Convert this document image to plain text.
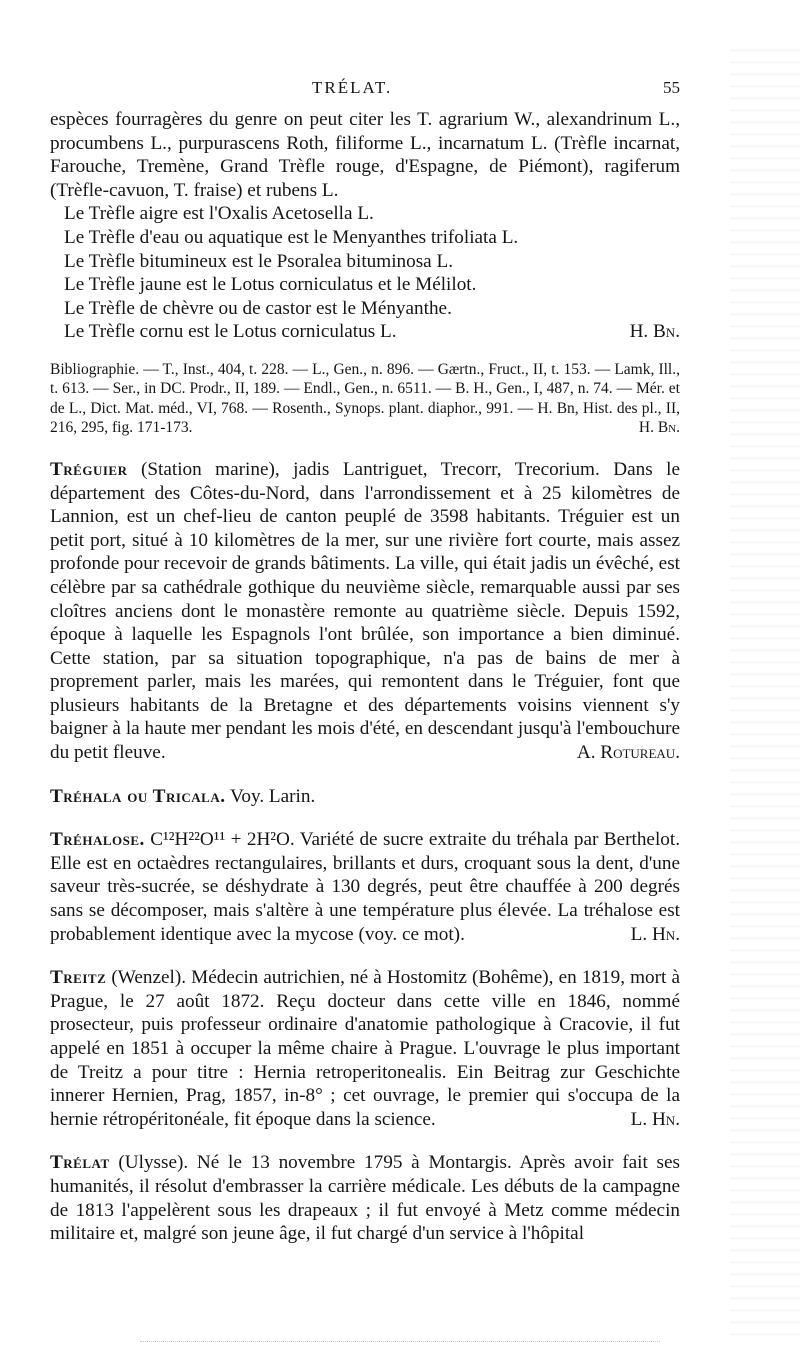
TRÉLAT.	55

espèces fourragères du genre on peut citer les T. agrarium W., alexandrinum L., procumbens L., purpurascens Roth, filiforme L., incarnatum L. (Trèfle incarnat, Farouche, Tremène, Grand Trèfle rouge, d'Espagne, de Piémont), ragiferum (Trèfle-cavuon, T. fraise) et rubens L.

Le Trèfle aigre est l'Oxalis Acetosella L.

Le Trèfle d'eau ou aquatique est le Menyanthes trifoliata L.

Le Trèfle bitumineux est le Psoralea bituminosa L.

Le Trèfle jaune est le Lotus corniculatus et le Mélilot.

Le Trèfle de chèvre ou de castor est le Ményanthe.

Le Trèfle cornu est le Lotus corniculatus L.	H. Bn.

Bibliographie. — T., Inst., 404, t. 228. — L., Gen., n. 896. — Gærtn., Fruct., II, t. 153. — Lamk, Ill., t. 613. — Ser., in DC. Prodr., II, 189. — Endl., Gen., n. 6511. — B. H., Gen., I, 487, n. 74. — Mér. et de L., Dict. Mat. méd., VI, 768. — Rosenth., Synops. plant. diaphor., 991. — H. Bn, Hist. des pl., II, 216, 295, fig. 171-173.	H. Bn.

Tréguier (Station marine), jadis Lantriguet, Trecorr, Trecorium. Dans le département des Côtes-du-Nord, dans l'arrondissement et à 25 kilomètres de Lannion, est un chef-lieu de canton peuplé de 3598 habitants. Tréguier est un petit port, situé à 10 kilomètres de la mer, sur une rivière fort courte, mais assez profonde pour recevoir de grands bâtiments. La ville, qui était jadis un évêché, est célèbre par sa cathédrale gothique du neuvième siècle, remarquable aussi par ses cloîtres anciens dont le monastère remonte au quatrième siècle. Depuis 1592, époque à laquelle les Espagnols l'ont brûlée, son importance a bien diminué. Cette station, par sa situation topographique, n'a pas de bains de mer à proprement parler, mais les marées, qui remontent dans le Tréguier, font que plusieurs habitants de la Bretagne et des départements voisins viennent s'y baigner à la haute mer pendant les mois d'été, en descendant jusqu'à l'embouchure du petit fleuve.	A. Rotureau.

Tréhala ou Tricala. Voy. Larin.

Tréhalose. C¹²H²²O¹¹ + 2H²O. Variété de sucre extraite du tréhala par Berthelot. Elle est en octaèdres rectangulaires, brillants et durs, croquant sous la dent, d'une saveur très-sucrée, se déshydrate à 130 degrés, peut être chauffée à 200 degrés sans se décomposer, mais s'altère à une température plus élevée. La tréhalose est probablement identique avec la mycose (voy. ce mot).	L. Hn.

Treitz (Wenzel). Médecin autrichien, né à Hostomitz (Bohême), en 1819, mort à Prague, le 27 août 1872. Reçu docteur dans cette ville en 1846, nommé prosecteur, puis professeur ordinaire d'anatomie pathologique à Cracovie, il fut appelé en 1851 à occuper la même chaire à Prague. L'ouvrage le plus important de Treitz a pour titre : Hernia retroperitonealis. Ein Beitrag zur Geschichte innerer Hernien, Prag, 1857, in-8° ; cet ouvrage, le premier qui s'occupa de la hernie rétropéritonéale, fit époque dans la science.	L. Hn.

Trélat (Ulysse). Né le 13 novembre 1795 à Montargis. Après avoir fait ses humanités, il résolut d'embrasser la carrière médicale. Les débuts de la campagne de 1813 l'appelèrent sous les drapeaux ; il fut envoyé à Metz comme médecin militaire et, malgré son jeune âge, il fut chargé d'un service à l'hôpital
